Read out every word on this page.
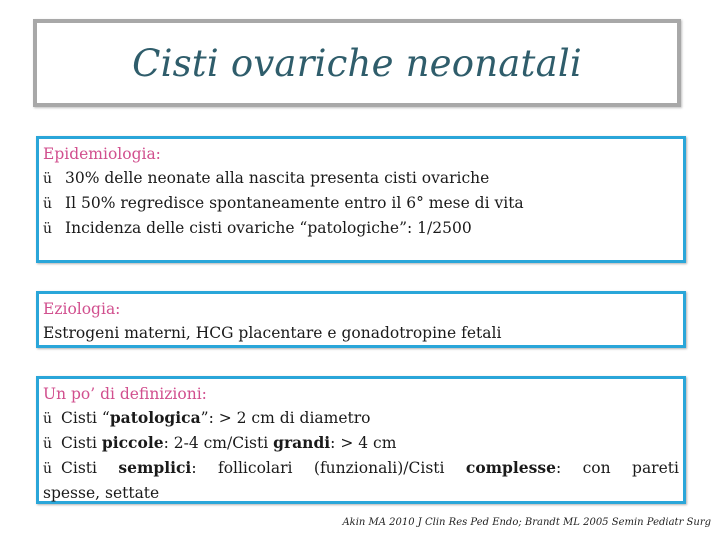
Cisti ovariche neonatali
Epidemiologia:
ü 30% delle neonate alla nascita presenta cisti ovariche
ü Il 50% regredisce spontaneamente entro il 6° mese di vita
ü Incidenza delle cisti ovariche “patologiche”: 1/2500
Eziologia:
Estrogeni materni, HCG placentare e gonadotropine fetali
Un po’ di definizioni:
ü Cisti “patologica”: > 2 cm di diametro
ü Cisti piccole: 2-4 cm/Cisti grandi: > 4 cm
ü Cisti semplici: follicolari (funzionali)/Cisti complesse: con pareti
spesse, settate
Akin MA 2010 J Clin Res Ped Endo; Brandt ML 2005 Semin Pediatr Surg
